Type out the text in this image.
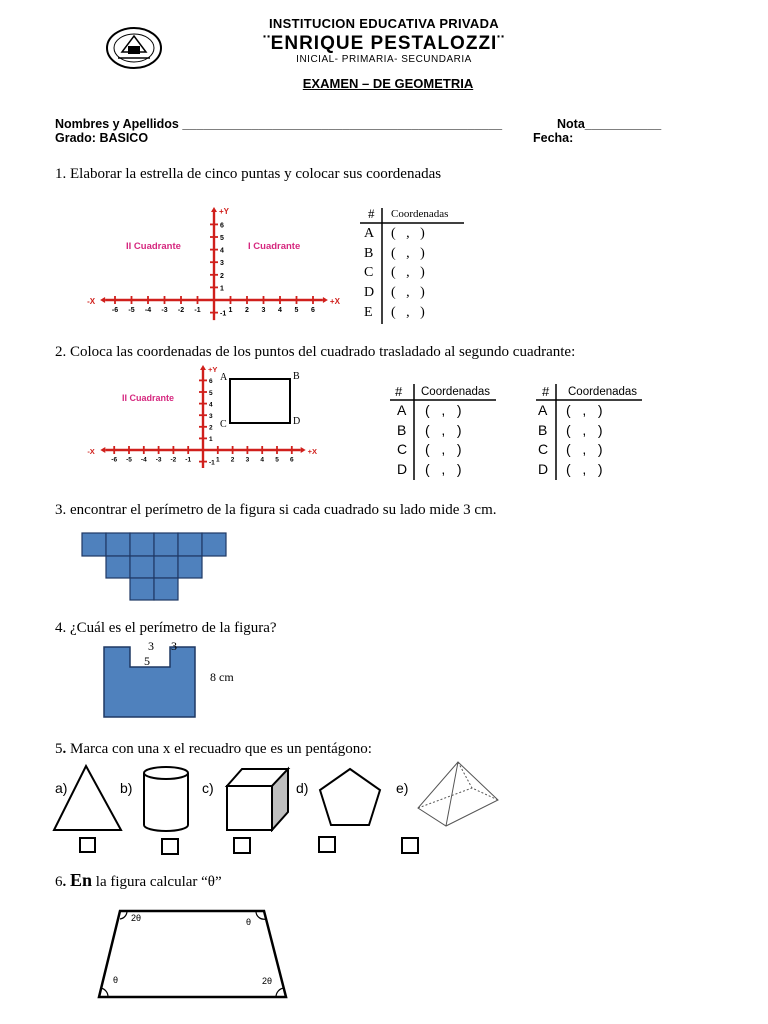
INSTITUCION EDUCATIVA PRIVADA
¨ENRIQUE PESTALOZZI¨
INICIAL- PRIMARIA- SECUNDARIA
EXAMEN – DE GEOMETRIA
Nombres y Apellidos ______________________________________________	Nota___________
Grado: BASICO	Fecha:
1. Elaborar la estrella de cinco puntas y colocar sus coordenadas
-6 -5 -4 -3 -2 -1	1 2 3 4 5 6
6
5
4
3
2
1
-1
+X
-X
+Y
II Cuadrante	I Cuadrante
# Coordenadas
A (   ,   )
B (   ,   )
C (   ,   )
D (   ,   )
E (   ,   )
2. Coloca las coordenadas de los puntos del cuadrado trasladado al segundo cuadrante:
-6 -5 -4 -3 -2 -1	1 2 3 4 5 6
6
5
4
3
2
1
-1
+X
-X
+Y
II Cuadrante
A	B
C	D
# Coordenadas	# Coordenadas
A (   ,   )
B (   ,   )
C (   ,   )
D (   ,   )
A (   ,   )
B (   ,   )
C (   ,   )
D (   ,   )
3. encontrar el perímetro de la figura si cada cuadrado su lado mide 3 cm.
4. ¿Cuál es el perímetro de la figura?
3 3
5
8 cm
5. Marca con una x el recuadro que es un pentágono:
a)	b)	c)	d)	e)
6. En la figura calcular “θ”
2θ	θ
θ	2θ
